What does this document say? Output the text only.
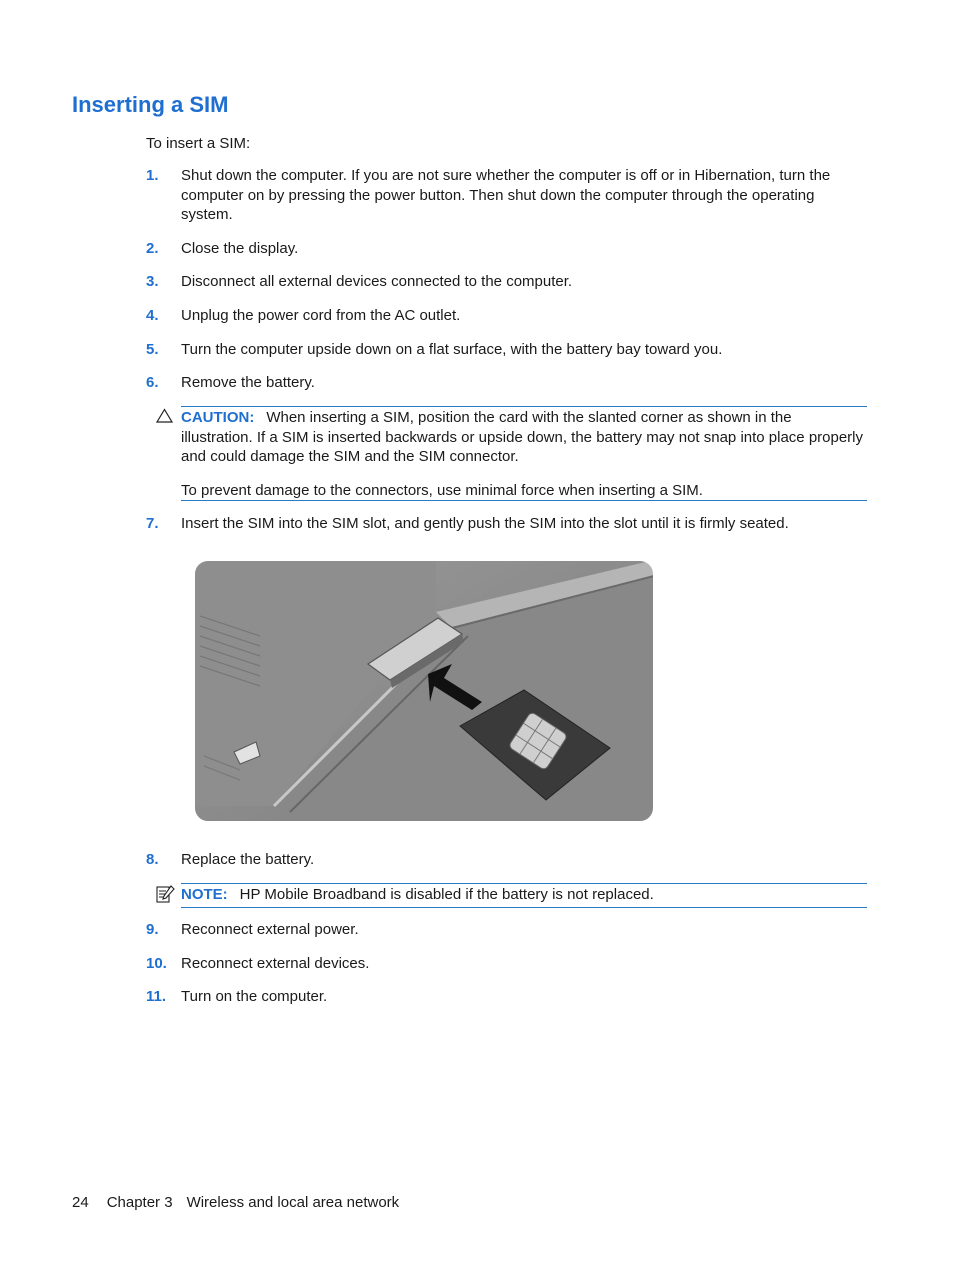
Inserting a SIM
To insert a SIM:
1. Shut down the computer. If you are not sure whether the computer is off or in Hibernation, turn the computer on by pressing the power button. Then shut down the computer through the operating system.
2. Close the display.
3. Disconnect all external devices connected to the computer.
4. Unplug the power cord from the AC outlet.
5. Turn the computer upside down on a flat surface, with the battery bay toward you.
6. Remove the battery.

CAUTION: When inserting a SIM, position the card with the slanted corner as shown in the illustration. If a SIM is inserted backwards or upside down, the battery may not snap into place properly and could damage the SIM and the SIM connector.

To prevent damage to the connectors, use minimal force when inserting a SIM.

7. Insert the SIM into the SIM slot, and gently push the SIM into the slot until it is firmly seated.
8. Replace the battery.

NOTE: HP Mobile Broadband is disabled if the battery is not replaced.

9. Reconnect external power.
10. Reconnect external devices.
11. Turn on the computer.
24 Chapter 3 Wireless and local area network
